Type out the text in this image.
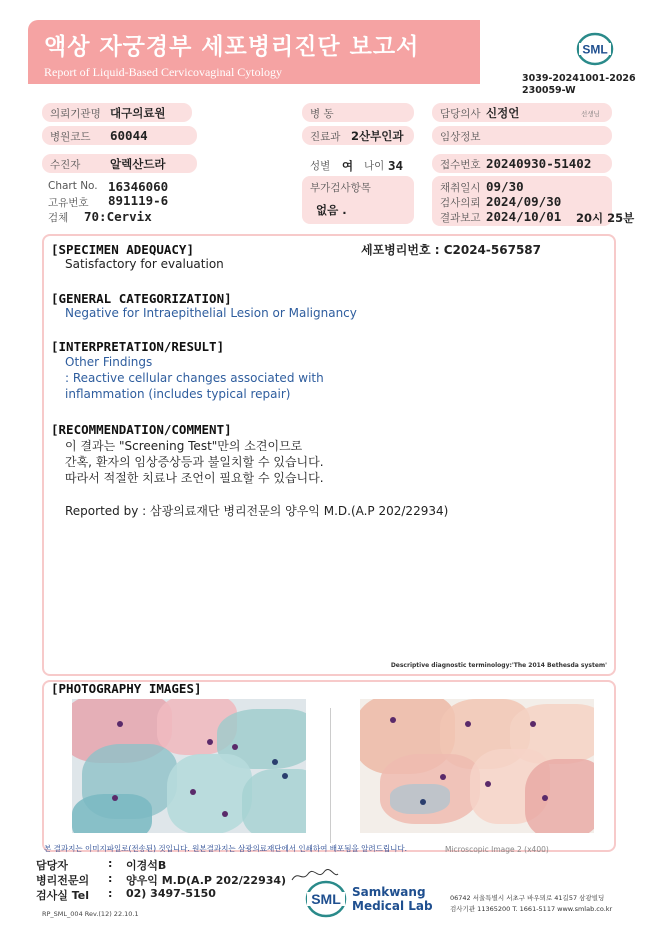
액상 자궁경부 세포병리진단 보고서
Report of Liquid-Based Cervicovaginal Cytology
SML
3039-20241001-2026
230059-W
의뢰기관명 대구의료원	병 동	담당의사 신정언	선생님
병원코드 60044	진료과 2산부인과	임상정보
수진자	알렉산드라	성별 여 나이 34	접수번호 20240930-51402
Chart No. 16346060
고유번호 891119-6
검체 70:Cervix
부가검사항목
없음 .
채취일시 09/30
검사의뢰 2024/09/30
결과보고 2024/10/01 20시 25분
[SPECIMEN ADEQUACY]	세포병리번호 : C2024-567587
Satisfactory for evaluation
[GENERAL CATEGORIZATION]
Negative for Intraepithelial Lesion or Malignancy
[INTERPRETATION/RESULT]
Other Findings
: Reactive cellular changes associated with
inflammation (includes typical repair)
[RECOMMENDATION/COMMENT]
이 결과는 "Screening Test"만의 소견이므로
간혹, 환자의 임상증상등과 불일치할 수 있습니다.
따라서 적절한 치료나 조언이 필요할 수 있습니다.
Reported by : 삼광의료재단 병리전문의 양우익 M.D.(A.P 202/22934)
Descriptive diagnostic terminology:'The 2014 Bethesda system'
[PHOTOGRAPHY IMAGES]
본 결과지는 이미지파일로(전송된) 것입니다. 원본결과지는 삼광의료재단에서 인쇄하여 배포됨을 알려드립니다.	Microscopic Image 2 (x400)
담당자	: 이경석B
병리전문의 : 양우익 M.D(A.P 202/22934)
검사실 Tel : 02) 3497-5150	SML Samkwang
Medical Lab
06742 서울특별시 서초구 바우뫼로 41길57 삼광빌딩
검사기관 11365200 T. 1661-5117 www.smlab.co.kr
RP_SML_004 Rev.(12) 22.10.1
